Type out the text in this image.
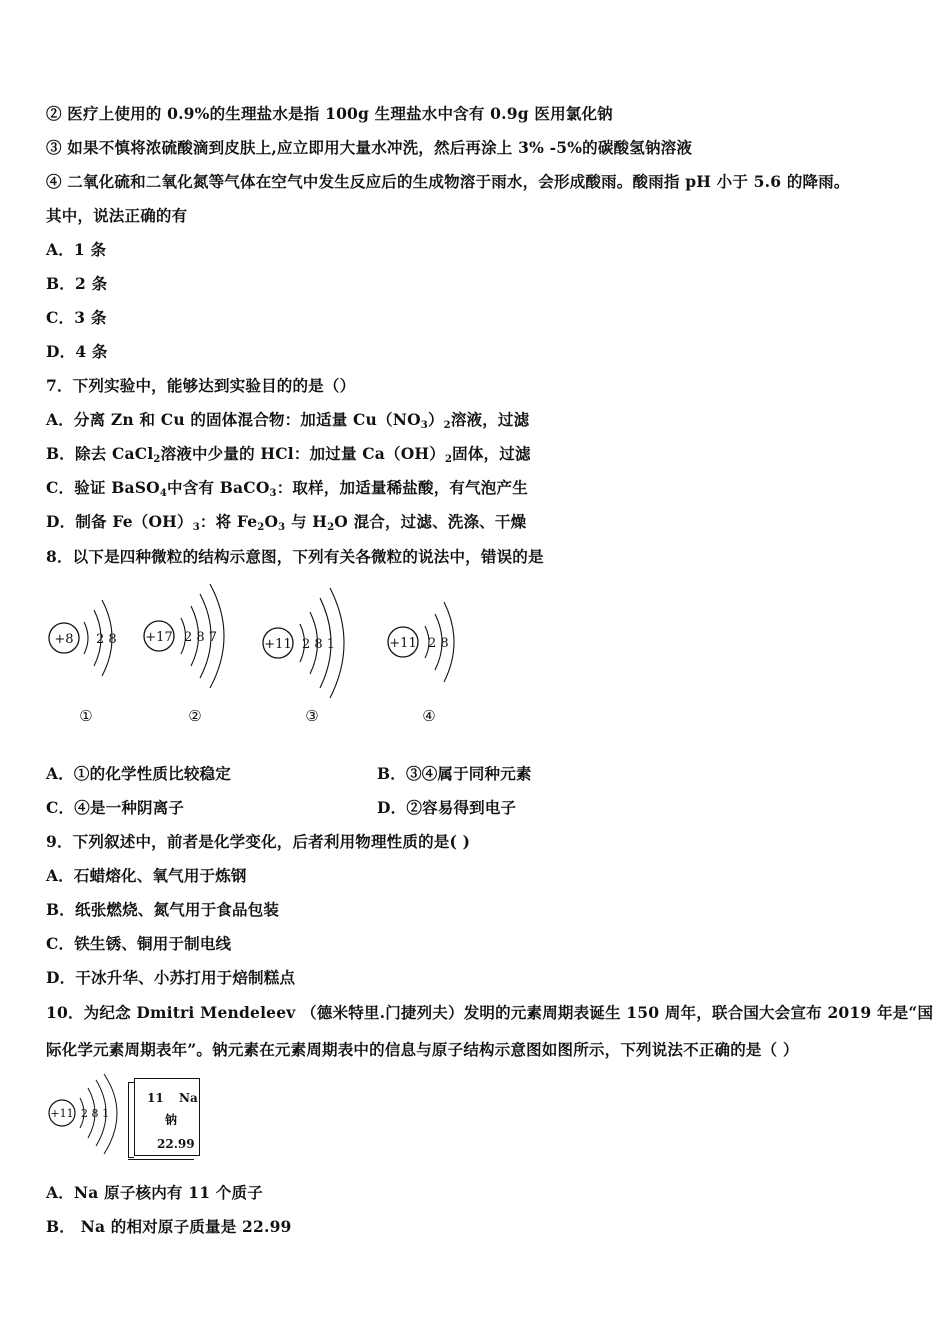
② 医疗上使用的 0.9%的生理盐水是指 100g 生理盐水中含有 0.9g 医用氯化钠
③ 如果不慎将浓硫酸滴到皮肤上,应立即用大量水冲洗，然后再涂上 3% -5%的碳酸氢钠溶液
④ 二氧化硫和二氧化氮等气体在空气中发生反应后的生成物溶于雨水，会形成酸雨。酸雨指 pH 小于 5.6 的降雨。
其中，说法正确的有
A．1 条
B．2 条
C．3 条
D．4 条
7．下列实验中，能够达到实验目的的是（）
A．分离 Zn 和 Cu 的固体混合物：加适量 $Cu(NO_3)_2$溶液，过滤
B．除去 CaCl$_2$溶液中少量的 HCl：加过量 $Ca(OH)_2$固体，过滤
C．验证 BaSO$_4$中含有 BaCO$_3$：取样，加适量稀盐酸，有气泡产生
D．制备 $Fe(OH)_3$：将 $Fe_2O_3$ 与 $H_2O$ 混合，过滤、洗涤、干燥
8．以下是四种微粒的结构示意图，下列有关各微粒的说法中，错误的是
+8 2 8
①
+17 2 8 7
②
+11 2 8 1
③
+11 2 8
④
A．①的化学性质比较稳定	B．③④属于同种元素
C．④是一种阴离子	D．②容易得到电子
9．下列叙述中，前者是化学变化，后者利用物理性质的是( )
A．石蜡熔化、氧气用于炼钢
B．纸张燃烧、氮气用于食品包装
C．铁生锈、铜用于制电线
D．干冰升华、小苏打用于焙制糕点
10．为纪念 Dmitri Mendeleev （德米特里.门捷列夫）发明的元素周期表诞生 150 周年，联合国大会宣布 2019 年是“国
际化学元素周期表年”。钠元素在元素周期表中的信息与原子结构示意图如图所示，下列说法不正确的是（ ）
+11 2 8 1
11 Na
钠
22.99
A．Na 原子核内有 11 个质子
B． Na 的相对原子质量是 22.99
